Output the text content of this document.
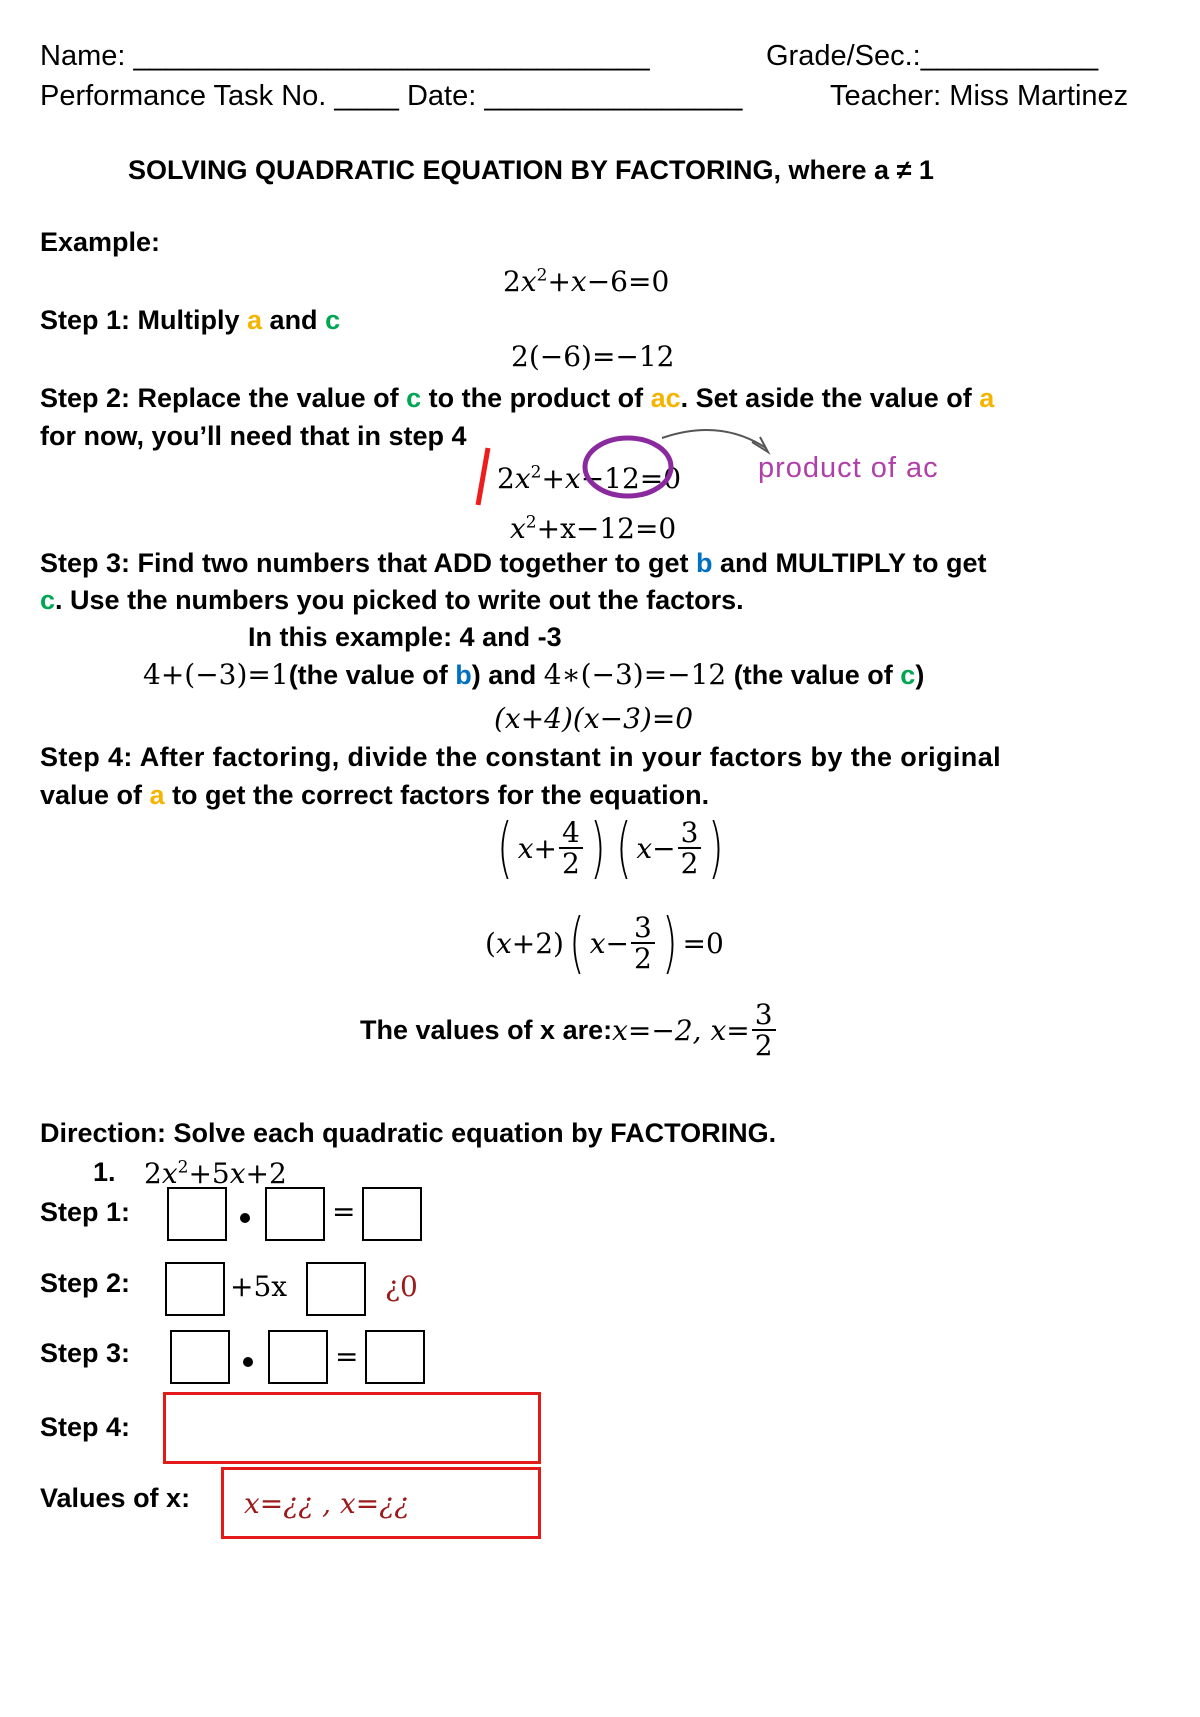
Name: ________________________________	Grade/Sec.:___________
Performance Task No. ____ Date: ________________	Teacher: Miss Martinez
SOLVING QUADRATIC EQUATION BY FACTORING, where a ≠ 1
Example:
$2x^2+x-6=0$
Step 1: Multiply a and c
2(−6)=−12
Step 2: Replace the value of c to the product of ac. Set aside the value of a
for now, you’ll need that in step 4
$2x^2+x-12=0$
$x^2+x-12=0$
product of ac
Step 3: Find two numbers that ADD together to get b and MULTIPLY to get
c. Use the numbers you picked to write out the factors.
In this example: 4 and -3
4+(−3)=1(the value of b) and 4∗(−3)=−12 (the value of c)
(x+4)(x−3)=0
Step 4: After factoring, divide the constant in your factors by the original
value of a to get the correct factors for the equation.
( $x + \frac{4}{2}$ ) ( $x - \frac{3}{2}$ )
( x +2) ( $x - \frac{3}{2}$ ) =0
The values of x are: x=−2, $x= \frac{3}{2}$
Direction: Solve each quadratic equation by FACTORING.
1. $2x^2+5x+2$
Step 1:	=
Step 2:	+5x	¿0
Step 3:	=
Step 4:
Values of x: x=¿¿ , x=¿¿
